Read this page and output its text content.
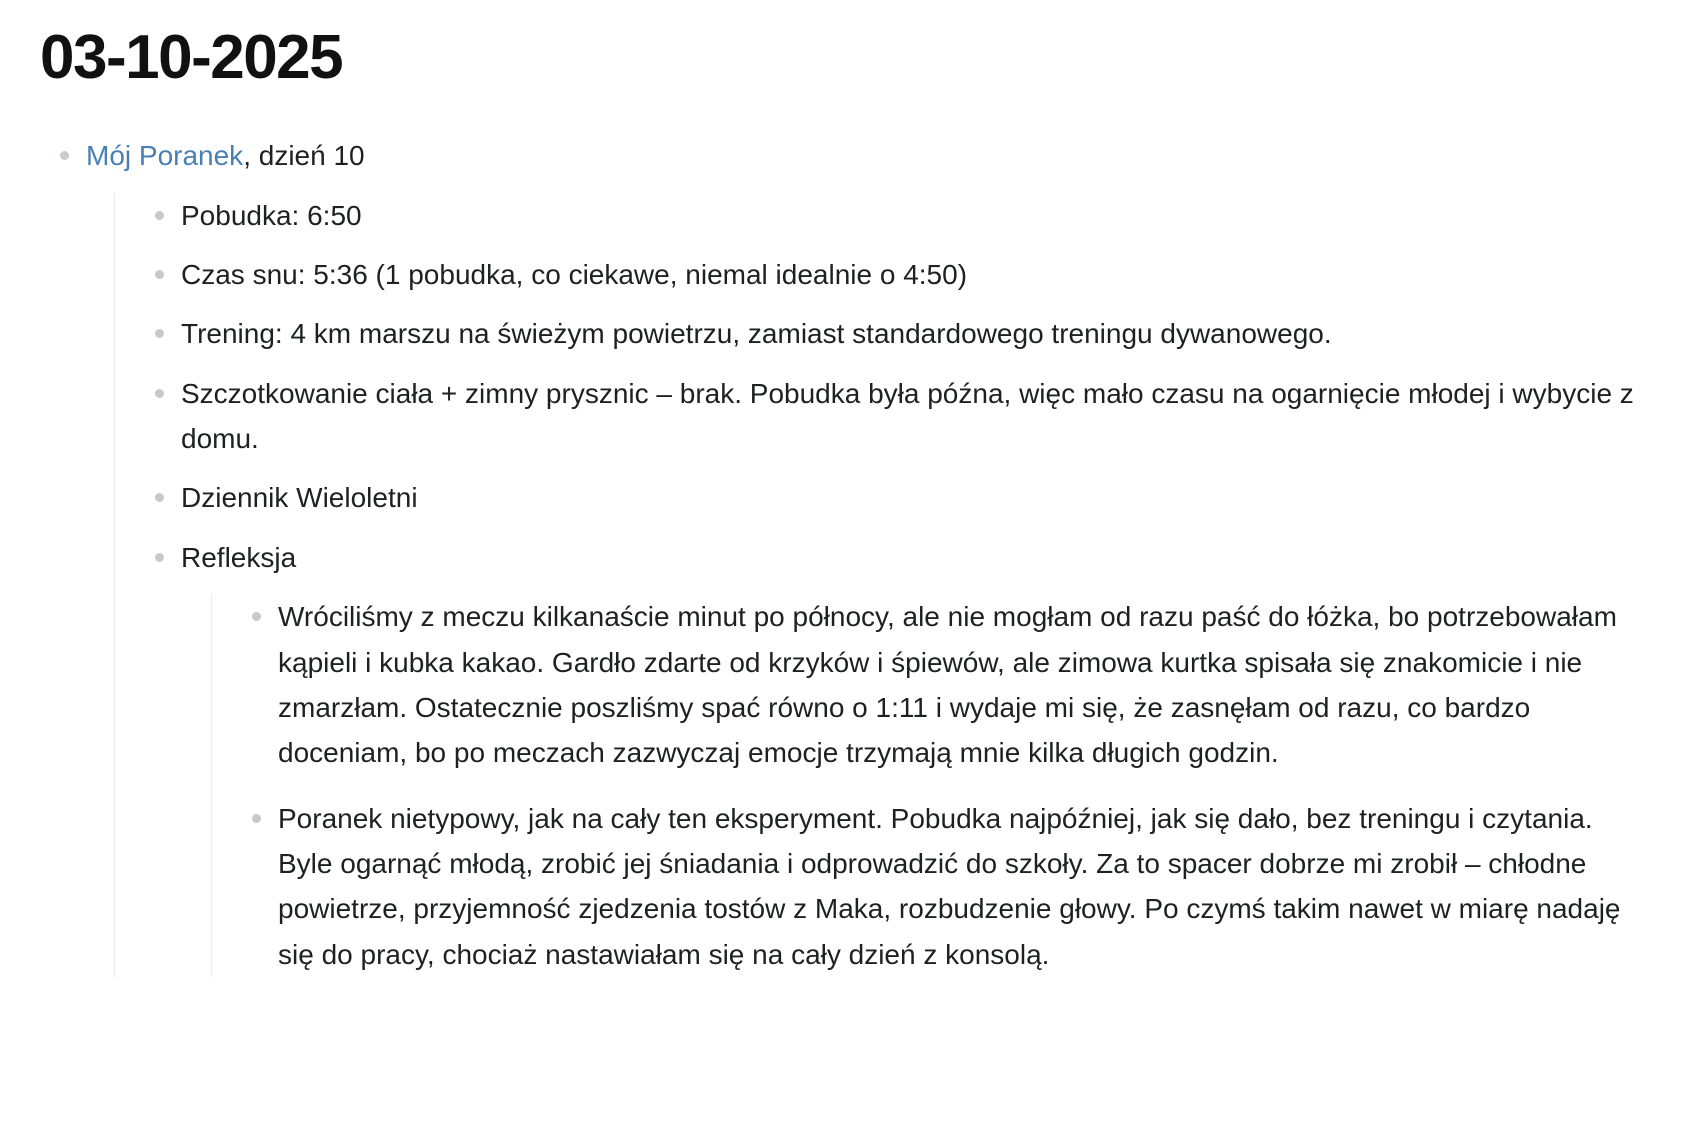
03-10-2025
Mój Poranek, dzień 10
Pobudka: 6:50
Czas snu: 5:36 (1 pobudka, co ciekawe, niemal idealnie o 4:50)
Trening: 4 km marszu na świeżym powietrzu, zamiast standardowego treningu dywanowego.
Szczotkowanie ciała + zimny prysznic – brak. Pobudka była późna, więc mało czasu na ogarnięcie młodej i wybycie z domu.
Dziennik Wieloletni
Refleksja
Wróciliśmy z meczu kilkanaście minut po północy, ale nie mogłam od razu paść do łóżka, bo potrzebowałam kąpieli i kubka kakao. Gardło zdarte od krzyków i śpiewów, ale zimowa kurtka spisała się znakomicie i nie zmarzłam. Ostatecznie poszliśmy spać równo o 1:11 i wydaje mi się, że zasnęłam od razu, co bardzo doceniam, bo po meczach zazwyczaj emocje trzymają mnie kilka długich godzin.
Poranek nietypowy, jak na cały ten eksperyment. Pobudka najpóźniej, jak się dało, bez treningu i czytania. Byle ogarnąć młodą, zrobić jej śniadania i odprowadzić do szkoły. Za to spacer dobrze mi zrobił – chłodne powietrze, przyjemność zjedzenia tostów z Maka, rozbudzenie głowy. Po czymś takim nawet w miarę nadaję się do pracy, chociaż nastawiałam się na cały dzień z konsolą.
